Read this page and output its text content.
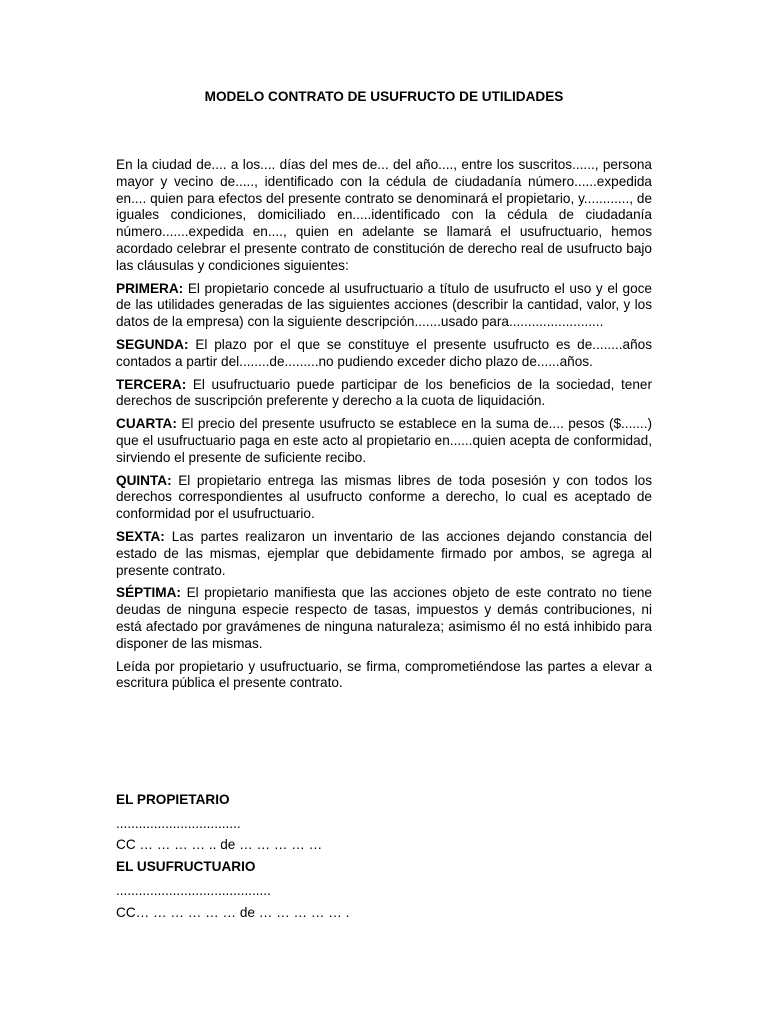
MODELO CONTRATO DE USUFRUCTO DE UTILIDADES

En la ciudad de.... a los.... días del mes de... del año...., entre los suscritos......, persona mayor y vecino de....., identificado con la cédula de ciudadanía número......expedida en.... quien para efectos del presente contrato se denominará el propietario, y............, de iguales condiciones, domiciliado en.....identificado con la cédula de ciudadanía número.......expedida en...., quien en adelante se llamará el usufructuario, hemos acordado celebrar el presente contrato de constitución de derecho real de usufructo bajo las cláusulas y condiciones siguientes:

PRIMERA: El propietario concede al usufructuario a título de usufructo el uso y el goce de las utilidades generadas de las siguientes acciones (describir la cantidad, valor, y los datos de la empresa) con la siguiente descripción.......usado para.........................

SEGUNDA: El plazo por el que se constituye el presente usufructo es de........años contados a partir del........de.........no pudiendo exceder dicho plazo de......años.

TERCERA: El usufructuario puede participar de los beneficios de la sociedad, tener derechos de suscripción preferente y derecho a la cuota de liquidación.

CUARTA: El precio del presente usufructo se establece en la suma de.... pesos ($.......) que el usufructuario paga en este acto al propietario en......quien acepta de conformidad, sirviendo el presente de suficiente recibo.

QUINTA: El propietario entrega las mismas libres de toda posesión y con todos los derechos correspondientes al usufructo conforme a derecho, lo cual es aceptado de conformidad por el usufructuario.

SEXTA: Las partes realizaron un inventario de las acciones dejando constancia del estado de las mismas, ejemplar que debidamente firmado por ambos, se agrega al presente contrato.

SÉPTIMA: El propietario manifiesta que las acciones objeto de este contrato no tiene deudas de ninguna especie respecto de tasas, impuestos y demás contribuciones, ni está afectado por gravámenes de ninguna naturaleza; asimismo él no está inhibido para disponer de las mismas.

Leída por propietario y usufructuario, se firma, comprometiéndose las partes a elevar a escritura pública el presente contrato.

EL PROPIETARIO
.................................
CC … … … … .. de … … … … …
EL USUFRUCTUARIO
.........................................
CC… … … … … … de … … … … … .
